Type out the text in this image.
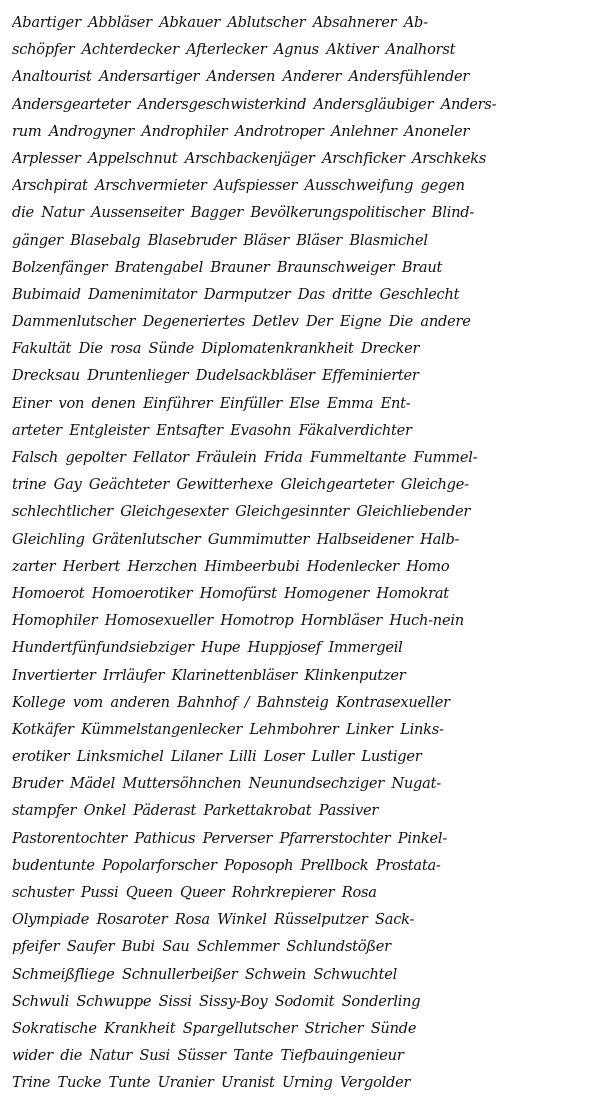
Abartiger Abbläser Abkauer Ablutscher Absahnerer Ab-
schöpfer Achterdecker Afterlecker Agnus Aktiver Analhorst
Analtourist Andersartiger Andersen Anderer Andersfühlender
Andersgearteter Andersgeschwisterkind Andersgläubiger Anders-
rum Androgyner Androphiler Androtroper Anlehner Anoneler
Arplesser Appelschnut Arschbackenjäger Arschficker Arschkeks
Arschpirat Arschvermieter Aufspiesser Ausschweifung gegen
die Natur Aussenseiter Bagger Bevölkerungspolitischer Blind-
gänger Blasebalg Blasebruder Bläser Bläser Blasmichel
Bolzenfänger Bratengabel Brauner Braunschweiger Braut
Bubimaid Damenimitator Darmputzer Das dritte Geschlecht
Dammenlutscher Degeneriertes Detlev Der Eigne Die andere
Fakultät Die rosa Sünde Diplomatenkrankheit Drecker
Drecksau Druntenlieger Dudelsackbläser Effeminierter
Einer von denen Einführer Einfüller Else Emma Ent-
arteter Entgleister Entsafter Evasohn Fäkalverdichter
Falsch gepolter Fellator Fräulein Frida Fummeltante Fummel-
trine Gay Geächteter Gewitterhexe Gleichgearteter Gleichge-
schlechtlicher Gleichgesexter Gleichgesinnter Gleichliebender
Gleichling Grätenlutscher Gummimutter Halbseidener Halb-
zarter Herbert Herzchen Himbeerbubi Hodenlecker Homo
Homoerot Homoerotiker Homofürst Homogener Homokrat
Homophiler Homosexueller Homotrop Hornbläser Huch-nein
Hundertfünfundsiebziger Hupe Huppjosef Immergeil
Invertierter Irrläufer Klarinettenbläser Klinkenputzer
Kollege vom anderen Bahnhof / Bahnsteig Kontrasexueller
Kotkäfer Kümmelstangenlecker Lehmbohrer Linker Links-
erotiker Linksmichel Lilaner Lilli Loser Luller Lustiger
Bruder Mädel Muttersöhnchen Neunundsechziger Nugat-
stampfer Onkel Päderast Parkettakrobat Passiver
Pastorentochter Pathicus Perverser Pfarrerstochter Pinkel-
budentunte Popolarforscher Poposoph Prellbock Prostata-
schuster Pussi Queen Queer Rohrkrepierer Rosa
Olympiade Rosaroter Rosa Winkel Rüsselputzer Sack-
pfeifer Saufer Bubi Sau Schlemmer Schlundstößer
Schmeißfliege Schnullerbeißer Schwein Schwuchtel
Schwuli Schwuppe Sissi Sissy-Boy Sodomit Sonderling
Sokratische Krankheit Spargellutscher Stricher Sünde
wider die Natur Susi Süsser Tante Tiefbauingenieur
Trine Tucke Tunte Uranier Uranist Urning Vergolder
